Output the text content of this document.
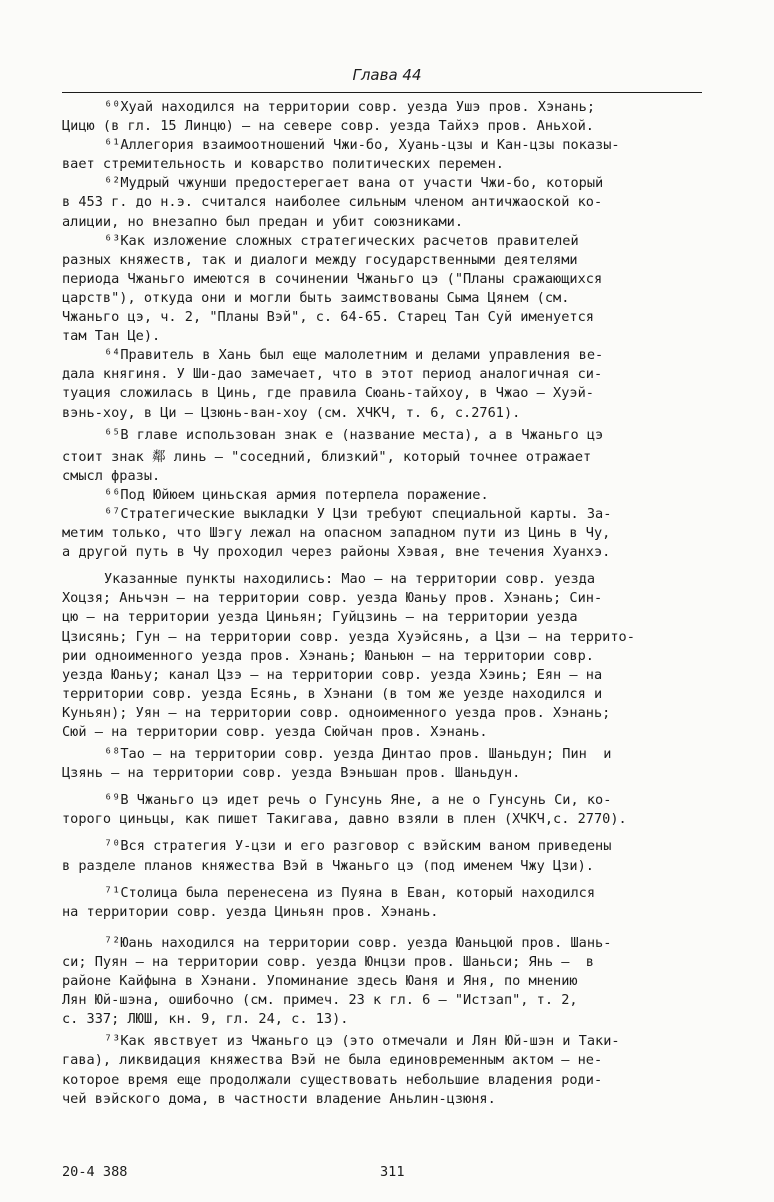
Глава 44
⁶⁰Хуай находился на территории совр. уезда Ушэ пров. Хэнань;
Цицю (в гл. 15 Линцю) — на севере совр. уезда Тайхэ пров. Аньхой.
⁶¹Аллегория взаимоотношений Чжи-бо, Хуань-цзы и Кан-цзы показы-
вает стремительность и коварство политических перемен.
⁶²Мудрый чжунши предостерегает вана от участи Чжи-бо, который
в 453 г. до н.э. считался наиболее сильным членом античжаоской ко-
алиции, но внезапно был предан и убит союзниками.
⁶³Как изложение сложных стратегических расчетов правителей
разных княжеств, так и диалоги между государственными деятелями
периода Чжаньго имеются в сочинении Чжаньго цэ ("Планы сражающихся
царств"), откуда они и могли быть заимствованы Сыма Цянем (см.
Чжаньго цэ, ч. 2, "Планы Вэй", с. 64-65. Старец Тан Суй именуется
там Тан Це).
⁶⁴Правитель в Хань был еще малолетним и делами управления ве-
дала княгиня. У Ши-дао замечает, что в этот период аналогичная си-
туация сложилась в Цинь, где правила Сюань-тайхоу, в Чжао — Хуэй-
вэнь-хоу, в Ци — Цзюнь-ван-хоу (см. ХЧКЧ, т. 6, с.2761).
⁶⁵В главе использован знак е (название места), а в Чжаньго цэ
стоит знак 鄰 линь — "соседний, близкий", который точнее отражает
смысл фразы.
⁶⁶Под Юйюем циньская армия потерпела поражение.
⁶⁷Стратегические выкладки У Цзи требуют специальной карты. За-
метим только, что Шэгу лежал на опасном западном пути из Цинь в Чу,
а другой путь в Чу проходил через районы Хэвая, вне течения Хуанхэ.
Указанные пункты находились: Мао — на территории совр. уезда
Хоцзя; Аньчэн — на территории совр. уезда Юаньу пров. Хэнань; Син-
цю — на территории уезда Циньян; Гуйцзинь — на территории уезда
Цзисянь; Гун — на территории совр. уезда Хуэйсянь, а Цзи — на террито-
рии одноименного уезда пров. Хэнань; Юаньюн — на территории совр.
уезда Юаньу; канал Цзэ — на территории совр. уезда Хэинь; Еян — на
территории совр. уезда Есянь, в Хэнани (в том же уезде находился и
Куньян); Уян — на территории совр. одноименного уезда пров. Хэнань;
Сюй — на территории совр. уезда Сюйчан пров. Хэнань.
⁶⁸Тао — на территории совр. уезда Динтао пров. Шаньдун; Пин  и
Цзянь — на территории совр. уезда Вэньшан пров. Шаньдун.
⁶⁹В Чжаньго цэ идет речь о Гунсунь Яне, а не о Гунсунь Си, ко-
торого циньцы, как пишет Такигава, давно взяли в плен (ХЧКЧ,с. 2770).
⁷⁰Вся стратегия У-цзи и его разговор с вэйским ваном приведены
в разделе планов княжества Вэй в Чжаньго цэ (под именем Чжу Цзи).
⁷¹Столица была перенесена из Пуяна в Еван, который находился
на территории совр. уезда Циньян пров. Хэнань.
⁷²Юань находился на территории совр. уезда Юаньцюй пров. Шань-
си; Пуян — на территории совр. уезда Юнцзи пров. Шаньси; Янь —  в
районе Кайфына в Хэнани. Упоминание здесь Юаня и Яня, по мнению
Лян Юй-шэна, ошибочно (см. примеч. 23 к гл. 6 — "Истзап", т. 2,
с. 337; ЛЮШ, кн. 9, гл. 24, с. 13).
⁷³Как явствует из Чжаньго цэ (это отмечали и Лян Юй-шэн и Таки-
гава), ликвидация княжества Вэй не была единовременным актом — не-
которое время еще продолжали существовать небольшие владения роди-
чей вэйского дома, в частности владение Аньлин-цзюня.
20-4 388	311
